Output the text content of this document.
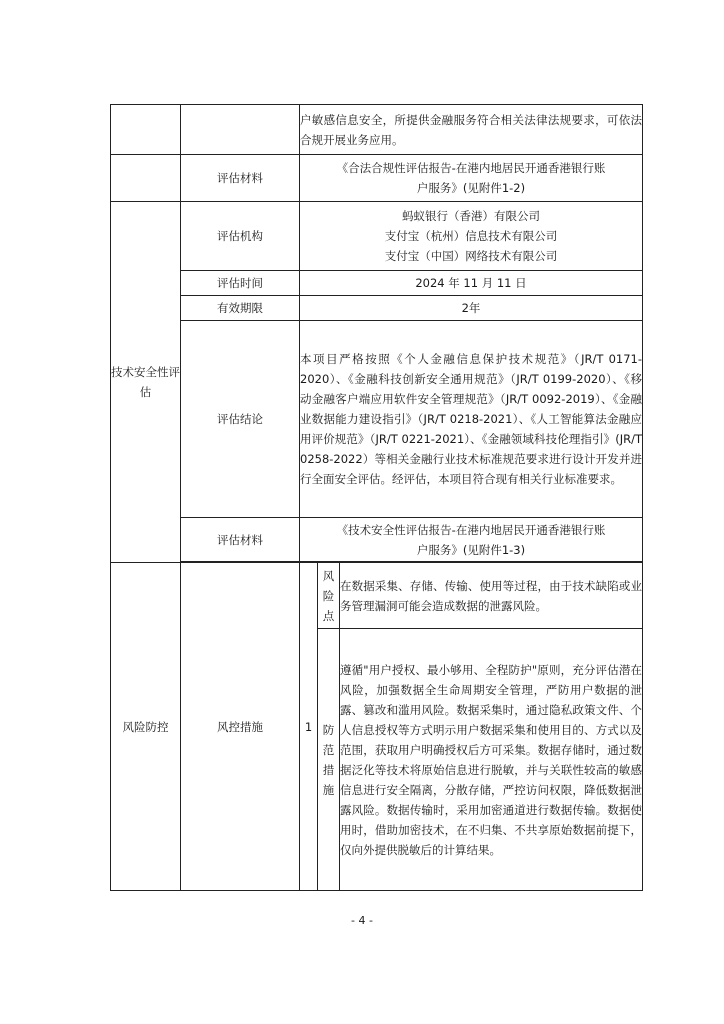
		户敏感信息安全，所提供金融服务符合相关法律法规要求，可依法合规开展业务应用。		
	评估材料	《合法合规性评估报告-在港内地居民开通香港银行账
户服务》(见附件1-2)		

技术安全性评估	评估机构	蚂蚁银行（香港）有限公司
支付宝（杭州）信息技术有限公司
支付宝（中国）网络技术有限公司		

	评估时间	2024 年 11 月 11 日		
	有效期限	2年		
	评估结论	本项目严格按照《个人金融信息保护技术规范》（JR/T 0171-2020）、《金融科技创新安全通用规范》（JR/T 0199-2020）、《移动金融客户端应用软件安全管理规范》（JR/T 0092-2019）、《金融业数据能力建设指引》（JR/T 0218-2021）、《人工智能算法金融应用评价规范》（JR/T 0221-2021）、《金融领域科技伦理指引》(JR/T 0258-2022）等相关金融行业技术标准规范要求进行设计开发并进行全面安全评估。经评估，本项目符合现有相关行业标准要求。		
	评估材料	《技术安全性评估报告-在港内地居民开通香港银行账
户服务》(见附件1-3)		

风险防控	风控措施	1	风险点	在数据采集、存储、传输、使用等过程，由于技术缺陷或业务管理漏洞可能会造成数据的泄露风险。
			防范措施	遵循"用户授权、最小够用、全程防护"原则，充分评估潜在风险，加强数据全生命周期安全管理，严防用户数据的泄露、篡改和滥用风险。数据采集时，通过隐私政策文件、个人信息授权等方式明示用户数据采集和使用目的、方式以及范围，获取用户明确授权后方可采集。数据存储时，通过数据泛化等技术将原始信息进行脱敏，并与关联性较高的敏感信息进行安全隔离，分散存储，严控访问权限，降低数据泄露风险。数据传输时，采用加密通道进行数据传输。数据使用时，借助加密技术，在不归集、不共享原始数据前提下，仅向外提供脱敏后的计算结果。
- 4 -
